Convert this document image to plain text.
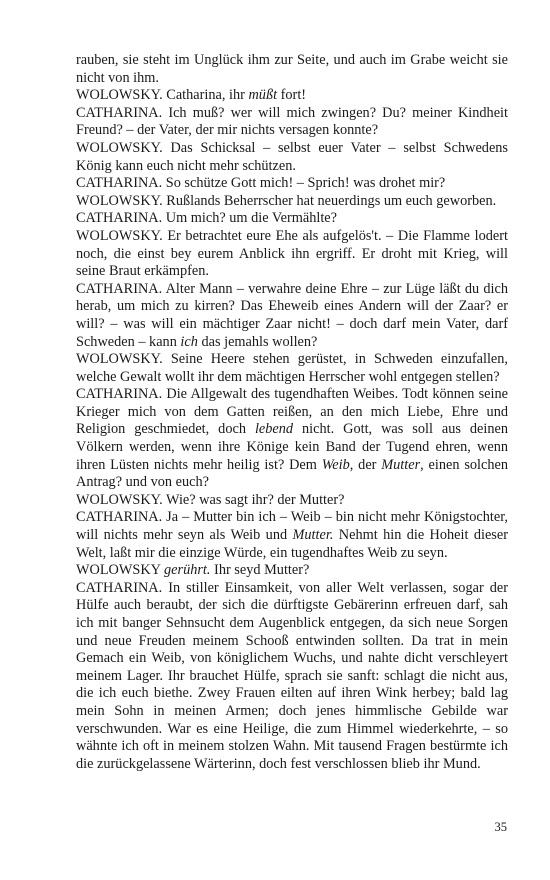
rauben, sie steht im Unglück ihm zur Seite, und auch im Grabe weicht sie nicht von ihm.

WOLOWSKY. Catharina, ihr müßt fort!

CATHARINA. Ich muß? wer will mich zwingen? Du? meiner Kindheit Freund? – der Vater, der mir nichts versagen konnte?

WOLOWSKY. Das Schicksal – selbst euer Vater – selbst Schwedens König kann euch nicht mehr schützen.

CATHARINA. So schütze Gott mich! – Sprich! was drohet mir?

WOLOWSKY. Rußlands Beherrscher hat neuerdings um euch geworben.

CATHARINA. Um mich? um die Vermählte?

WOLOWSKY. Er betrachtet eure Ehe als aufgelös't. – Die Flamme lodert noch, die einst bey eurem Anblick ihn ergriff. Er droht mit Krieg, will seine Braut erkämpfen.

CATHARINA. Alter Mann – verwahre deine Ehre – zur Lüge läßt du dich herab, um mich zu kirren? Das Eheweib eines Andern will der Zaar? er will? – was will ein mächtiger Zaar nicht! – doch darf mein Vater, darf Schweden – kann ich das jemahls wollen?

WOLOWSKY. Seine Heere stehen gerüstet, in Schweden einzufallen, welche Gewalt wollt ihr dem mächtigen Herrscher wohl entgegen stellen?

CATHARINA. Die Allgewalt des tugendhaften Weibes. Todt können seine Krieger mich von dem Gatten reißen, an den mich Liebe, Ehre und Religion geschmiedet, doch lebend nicht. Gott, was soll aus deinen Völkern werden, wenn ihre Könige kein Band der Tugend ehren, wenn ihren Lüsten nichts mehr heilig ist? Dem Weib, der Mutter, einen solchen Antrag? und von euch?

WOLOWSKY. Wie? was sagt ihr? der Mutter?

CATHARINA. Ja – Mutter bin ich – Weib – bin nicht mehr Königstochter, will nichts mehr seyn als Weib und Mutter. Nehmt hin die Hoheit dieser Welt, laßt mir die einzige Würde, ein tugendhaftes Weib zu seyn.

WOLOWSKY gerührt. Ihr seyd Mutter?

CATHARINA. In stiller Einsamkeit, von aller Welt verlassen, sogar der Hülfe auch beraubt, der sich die dürftigste Gebärerinn erfreuen darf, sah ich mit banger Sehnsucht dem Augenblick entgegen, da sich neue Sorgen und neue Freuden meinem Schooß entwinden sollten. Da trat in mein Gemach ein Weib, von königlichem Wuchs, und nahte dicht verschleyert meinem Lager. Ihr brauchet Hülfe, sprach sie sanft: schlagt die nicht aus, die ich euch biethe. Zwey Frauen eilten auf ihren Wink herbey; bald lag mein Sohn in meinen Armen; doch jenes himmlische Gebilde war verschwunden. War es eine Heilige, die zum Himmel wiederkehrte, – so wähnte ich oft in meinem stolzen Wahn. Mit tausend Fragen bestürmte ich die zurückgelassene Wärterinn, doch fest verschlossen blieb ihr Mund.

35
